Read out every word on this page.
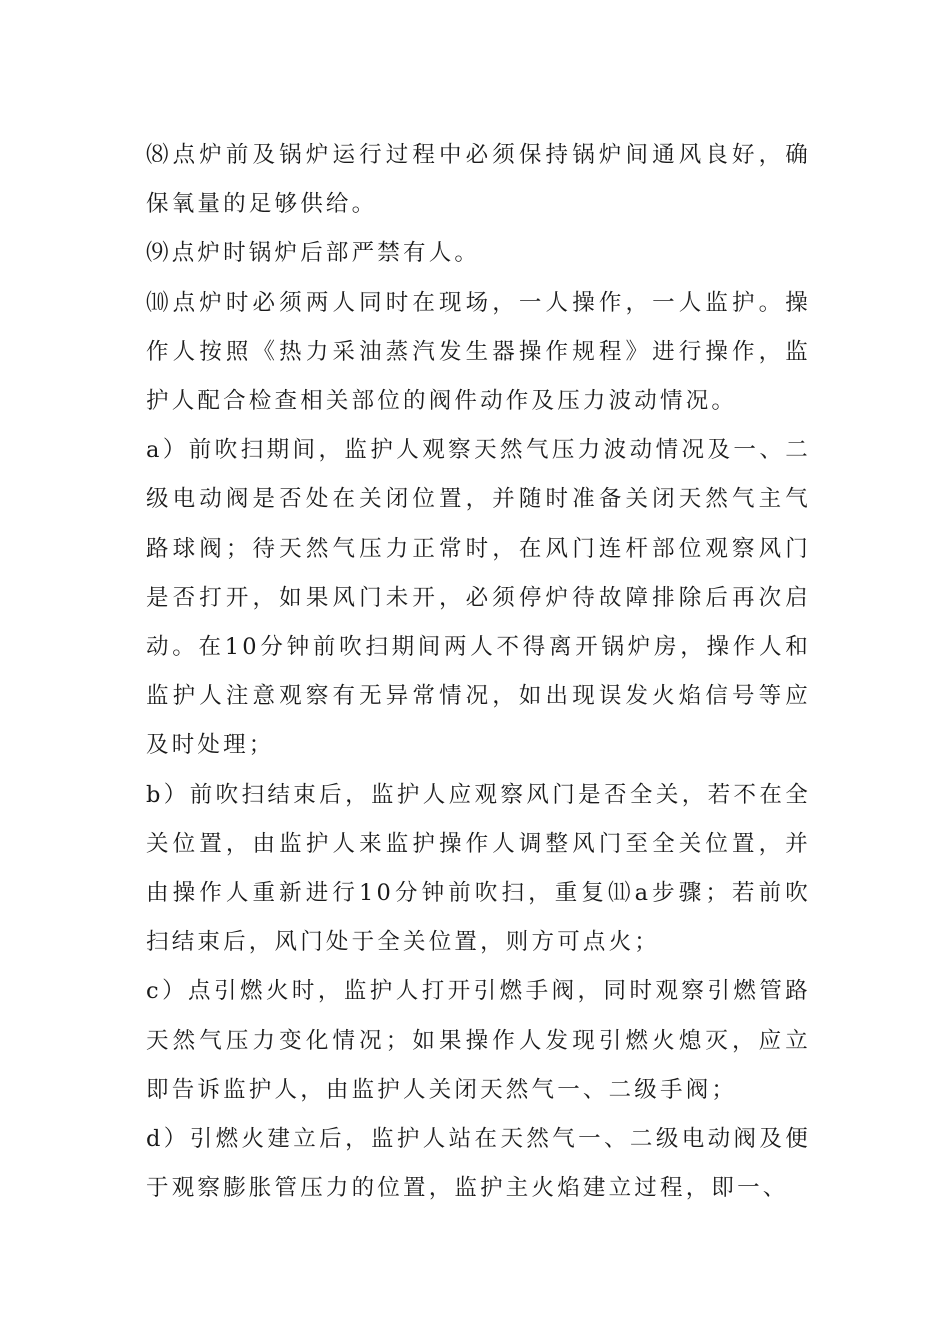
⑻点炉前及锅炉运行过程中必须保持锅炉间通风良好，确保氧量的足够供给。

⑼点炉时锅炉后部严禁有人。

⑽点炉时必须两人同时在现场，一人操作，一人监护。操作人按照《热力采油蒸汽发生器操作规程》进行操作，监护人配合检查相关部位的阀件动作及压力波动情况。

a）前吹扫期间，监护人观察天然气压力波动情况及一、二级电动阀是否处在关闭位置，并随时准备关闭天然气主气路球阀；待天然气压力正常时，在风门连杆部位观察风门是否打开，如果风门未开，必须停炉待故障排除后再次启动。在10分钟前吹扫期间两人不得离开锅炉房，操作人和监护人注意观察有无异常情况，如出现误发火焰信号等应及时处理；

b）前吹扫结束后，监护人应观察风门是否全关，若不在全关位置，由监护人来监护操作人调整风门至全关位置，并由操作人重新进行10分钟前吹扫，重复⑾a步骤；若前吹扫结束后，风门处于全关位置，则方可点火；

c）点引燃火时，监护人打开引燃手阀，同时观察引燃管路天然气压力变化情况；如果操作人发现引燃火熄灭，应立即告诉监护人，由监护人关闭天然气一、二级手阀；

d）引燃火建立后，监护人站在天然气一、二级电动阀及便于观察膨胀管压力的位置，监护主火焰建立过程，即一、
